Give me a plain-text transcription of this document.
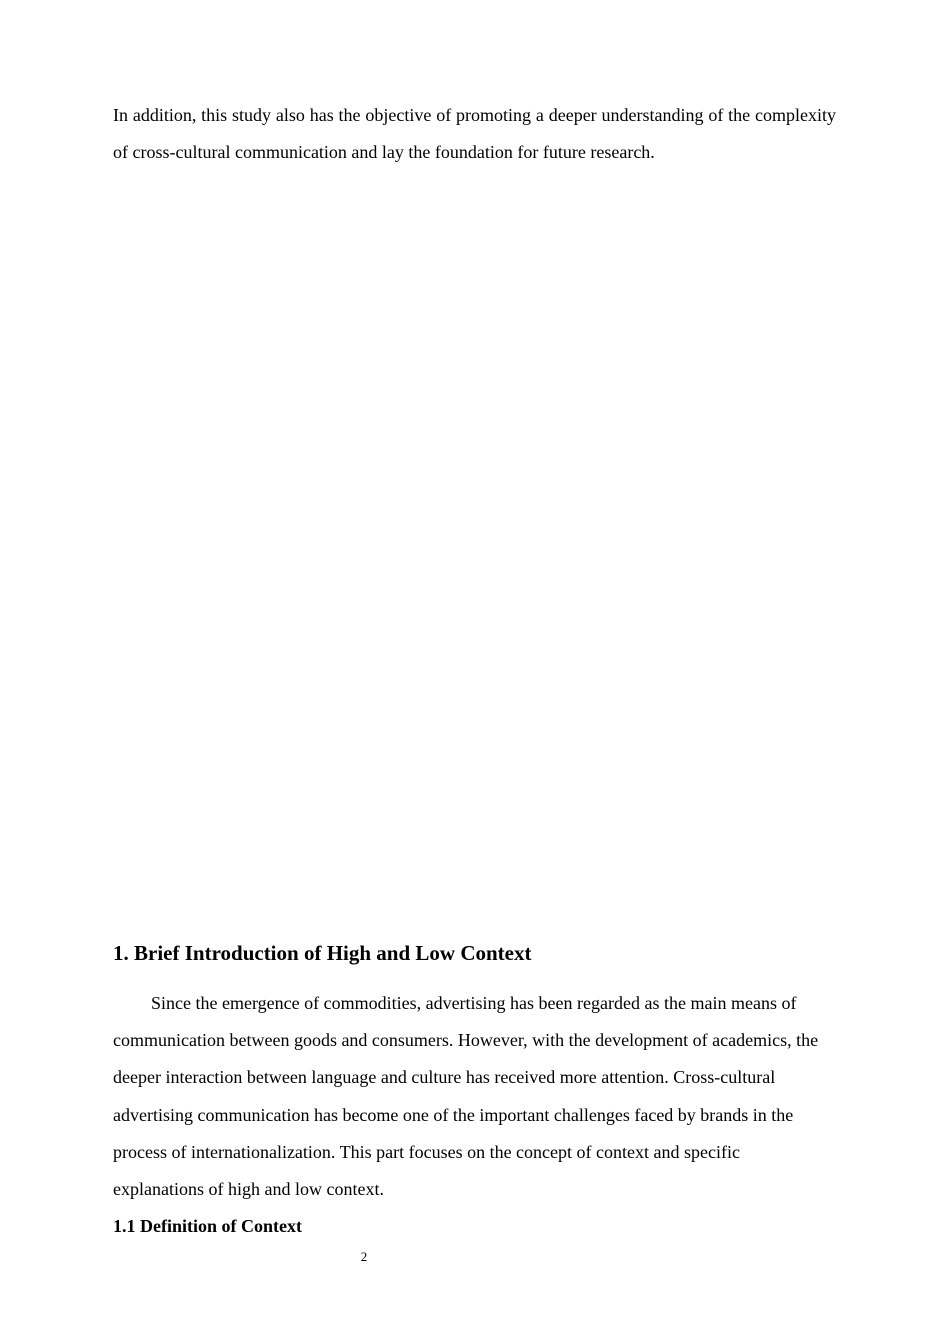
In addition, this study also has the objective of promoting a deeper understanding of the complexity of cross-cultural communication and lay the foundation for future research.

1. Brief Introduction of High and Low Context

Since the emergence of commodities, advertising has been regarded as the main means of communication between goods and consumers. However, with the development of academics, the deeper interaction between language and culture has received more attention. Cross-cultural advertising communication has become one of the important challenges faced by brands in the process of internationalization. This part focuses on the concept of context and specific explanations of high and low context.

1.1 Definition of Context
2
